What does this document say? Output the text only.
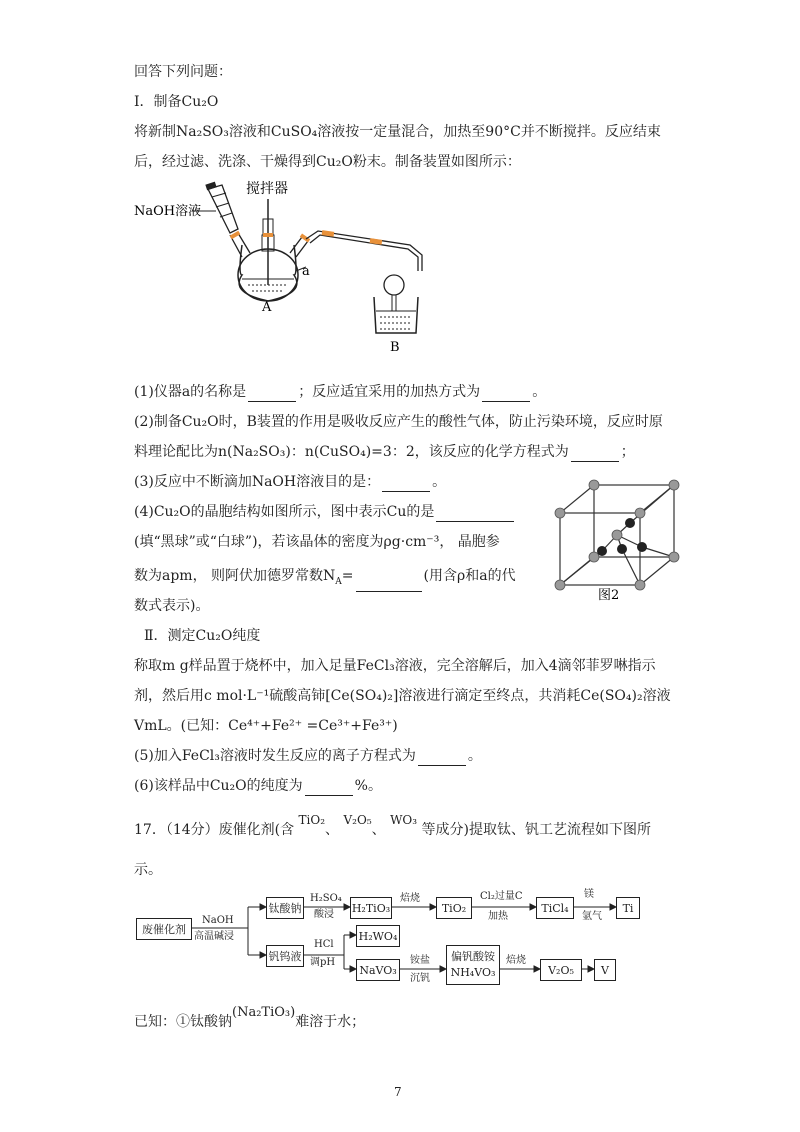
回答下列问题：
I．制备Cu₂O
将新制Na₂SO₃溶液和CuSO₄溶液按一定量混合，加热至90°C并不断搅拌。反应结束
后，经过滤、洗涤、干燥得到Cu₂O粉末。制备装置如图所示：
搅拌器
NaOH溶液
a
A
B
(1)仪器a的名称是	；反应适宜采用的加热方式为	。
(2)制备Cu₂O时，B装置的作用是吸收反应产生的酸性气体，防止污染环境，反应时原
料理论配比为n(Na₂SO₃)：n(CuSO₄)=3：2，该反应的化学方程式为	；
(3)反应中不断滴加NaOH溶液目的是：	。
(4)Cu₂O的晶胞结构如图所示，图中表示Cu的是
(填“黑球”或“白球”)，若该晶体的密度为ρg·cm⁻³， 晶胞参
数为apm， 则阿伏加德罗常数$N_A=$	(用含ρ和a的代
数式表示)。
图2
Ⅱ．测定Cu₂O纯度
称取m g样品置于烧杯中，加入足量FeCl₃溶液，完全溶解后，加入4滴邻菲罗啉指示
剂，然后用c mol·L⁻¹硫酸高铈[Ce(SO₄)₂]溶液进行滴定至终点，共消耗Ce(SO₄)₂溶液
VmL。(已知：Ce⁴⁺+Fe²⁺ =Ce³⁺+Fe³⁺)
(5)加入FeCl₃溶液时发生反应的离子方程式为	。
(6)该样品中Cu₂O的纯度为	%。
17．（14分）废催化剂(含 TiO₂、 V₂O₅、 WO₃ 等成分)提取钛、钒工艺流程如下图所
示。
废催化剂
钛酸钠	H₂TiO₃	TiO₂	TiCl₄	Ti
钒钨液
H₂WO₄
NaVO₃
偏钒酸铵
NH₄VO₃	V₂O₅	V
NaOH
高温碱浸
H₂SO₄
酸浸
焙烧	Cl₂过量C
加热
镁
氩气
HCl
调pH	铵盐
沉钒
焙烧
已知：①钛酸钠(Na₂TiO₃)难溶于水；
7
